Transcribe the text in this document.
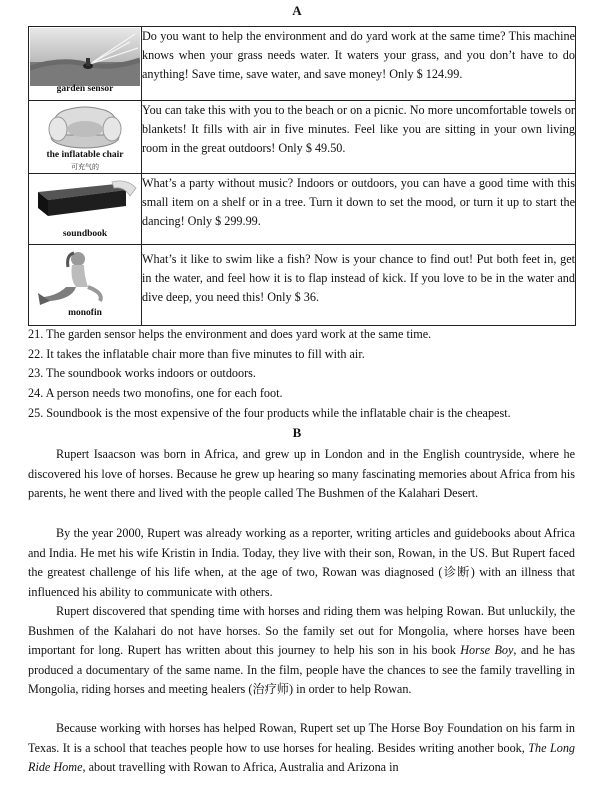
A
garden sensor	Do you want to help the environment and do yard work at the same time? This machine knows when your grass needs water. It waters your grass, and you don’t have to do anything! Save time, save water, and save money! Only $ 124.99.

the inflatable chair
可充气的	You can take this with you to the beach or on a picnic. No more uncomfortable towels or blankets! It fills with air in five minutes. Feel like you are sitting in your own living room in the great outdoors! Only $ 49.50.

soundbook	What’s a party without music? Indoors or outdoors, you can have a good time with this small item on a shelf or in a tree. Turn it down to set the mood, or turn it up to start the dancing! Only $ 299.99.

monofin	What’s it like to swim like a fish? Now is your chance to find out! Put both feet in, get in the water, and feel how it is to flap instead of kick. If you love to be in the water and dive deep, you need this! Only $ 36.
21. The garden sensor helps the environment and does yard work at the same time.
22. It takes the inflatable chair more than five minutes to fill with air.
23. The soundbook works indoors or outdoors.
24. A person needs two monofins, one for each foot.
25. Soundbook is the most expensive of the four products while the inflatable chair is the cheapest.
B
Rupert Isaacson was born in Africa, and grew up in London and in the English countryside, where he discovered his love of horses. Because he grew up hearing so many fascinating memories about Africa from his parents, he went there and lived with the people called The Bushmen of the Kalahari Desert.
By the year 2000, Rupert was already working as a reporter, writing articles and guidebooks about Africa and India. He met his wife Kristin in India. Today, they live with their son, Rowan, in the US. But Rupert faced the greatest challenge of his life when, at the age of two, Rowan was diagnosed (诊断) with an illness that influenced his ability to communicate with others.
Rupert discovered that spending time with horses and riding them was helping Rowan. But unluckily, the Bushmen of the Kalahari do not have horses. So the family set out for Mongolia, where horses have been important for long. Rupert has written about this journey to help his son in his book Horse Boy, and he has produced a documentary of the same name. In the film, people have the chances to see the family travelling in Mongolia, riding horses and meeting healers (治疗师) in order to help Rowan.
Because working with horses has helped Rowan, Rupert set up The Horse Boy Foundation on his farm in Texas. It is a school that teaches people how to use horses for healing. Besides writing another book, The Long Ride Home, about travelling with Rowan to Africa, Australia and Arizona in
